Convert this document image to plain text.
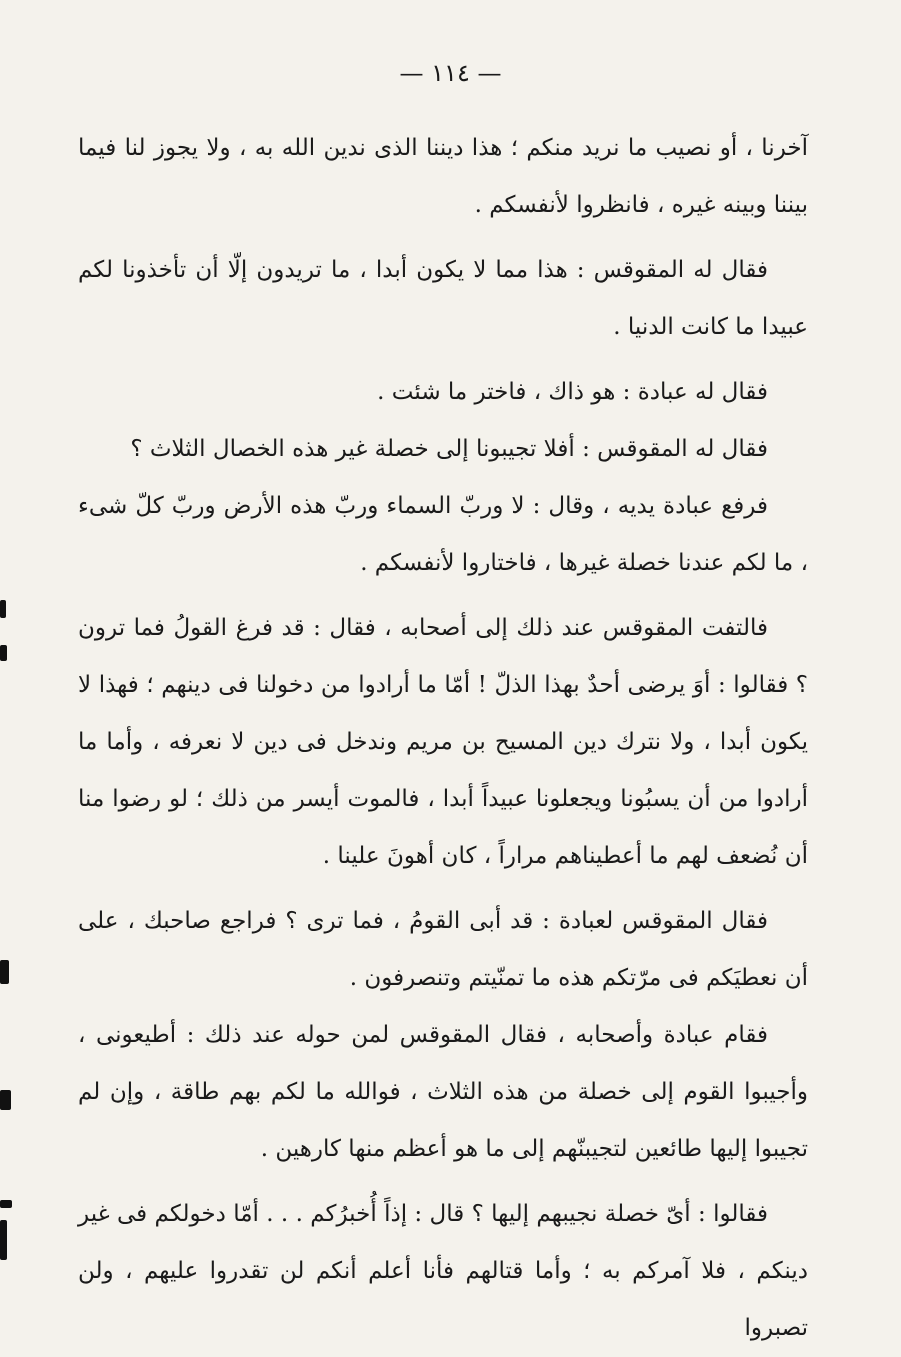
— ١١٤ —

آخرنا ، أو نصيب ما نريد منكم ؛ هذا ديننا الذى ندين الله به ، ولا يجوز لنا فيما بيننا وبينه غيره ، فانظروا لأنفسكم .

فقال له المقوقس : هذا مما لا يكون أبدا ، ما تريدون إلّا أن تأخذونا لكم عبيدا ما كانت الدنيا .

فقال له عبادة : هو ذاك ، فاختر ما شئت .

فقال له المقوقس : أفلا تجيبونا إلى خصلة غير هذه الخصال الثلاث ؟

فرفع عبادة يديه ، وقال : لا وربّ السماء وربّ هذه الأرض وربّ كلّ شىء ، ما لكم عندنا خصلة غيرها ، فاختاروا لأنفسكم .

فالتفت المقوقس عند ذلك إلى أصحابه ، فقال : قد فرغ القولُ فما ترون ؟ فقالوا : أوَ يرضى أحدٌ بهذا الذلّ ! أمّا ما أرادوا من دخولنا فى دينهم ؛ فهذا لا يكون أبدا ، ولا نترك دين المسيح بن مريم وندخل فى دين لا نعرفه ، وأما ما أرادوا من أن يسبُونا ويجعلونا عبيداً أبدا ، فالموت أيسر من ذلك ؛ لو رضوا منا أن نُضعف لهم ما أعطيناهم مراراً ، كان أهونَ علينا .

فقال المقوقس لعبادة : قد أبى القومُ ، فما ترى ؟ فراجع صاحبك ، على أن نعطيَكم فى مرّتكم هذه ما تمنّيتم وتنصرفون .

فقام عبادة وأصحابه ، فقال المقوقس لمن حوله عند ذلك : أطيعونى ، وأجيبوا القوم إلى خصلة من هذه الثلاث ، فوالله ما لكم بهم طاقة ، وإن لم تجيبوا إليها طائعين لتجيبنّهم إلى ما هو أعظم منها كارهين .

فقالوا : أىّ خصلة نجيبهم إليها ؟ قال : إذاً أُخبرُكم . . . أمّا دخولكم فى غير دينكم ، فلا آمركم به ؛ وأما قتالهم فأنا أعلم أنكم لن تقدروا عليهم ، ولن تصبروا
